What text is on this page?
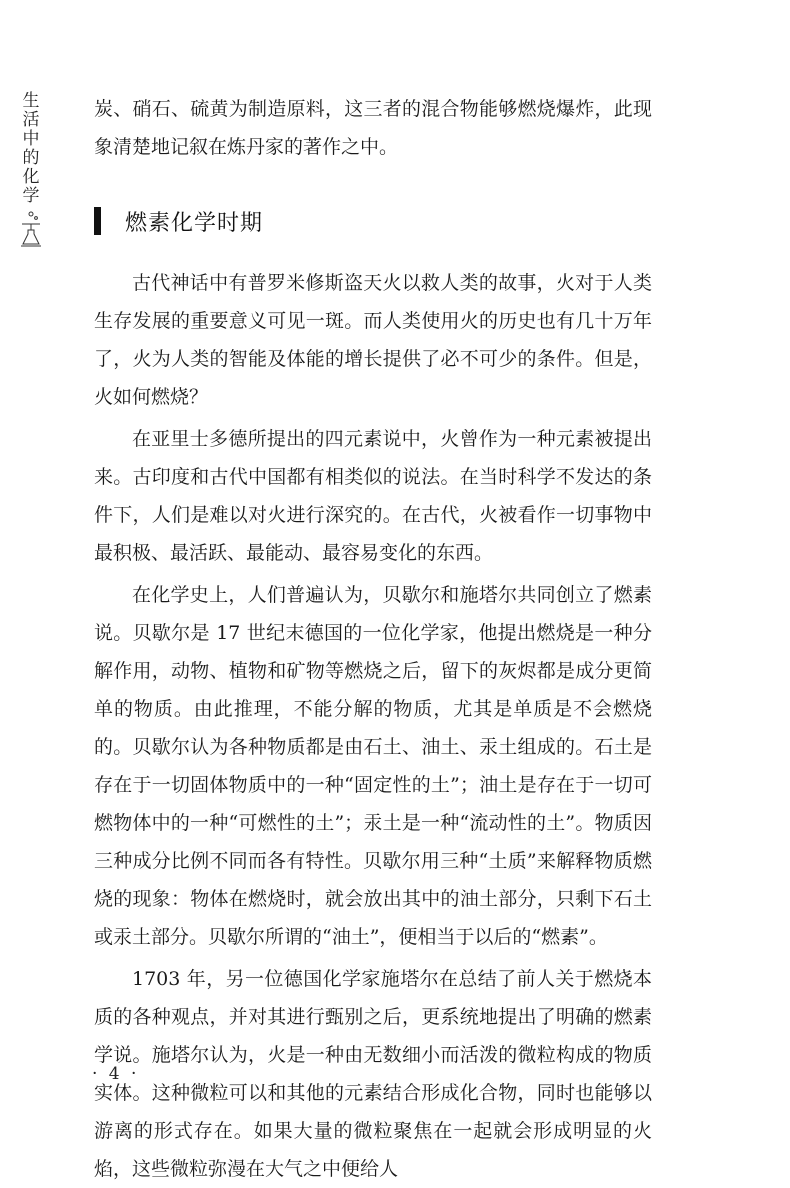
生
活
中
的
化
学

炭、硝石、硫黄为制造原料，这三者的混合物能够燃烧爆炸，此现象清楚地记叙在炼丹家的著作之中。

古代神话中有普罗米修斯盗天火以救人类的故事，火对于人类生存发展的重要意义可见一斑。而人类使用火的历史也有几十万年了，火为人类的智能及体能的增长提供了必不可少的条件。但是，火如何燃烧？

在亚里士多德所提出的四元素说中，火曾作为一种元素被提出来。古印度和古代中国都有相类似的说法。在当时科学不发达的条件下，人们是难以对火进行深究的。在古代，火被看作一切事物中最积极、最活跃、最能动、最容易变化的东西。

在化学史上，人们普遍认为，贝歇尔和施塔尔共同创立了燃素说。贝歇尔是 17 世纪末德国的一位化学家，他提出燃烧是一种分解作用，动物、植物和矿物等燃烧之后，留下的灰烬都是成分更简单的物质。由此推理，不能分解的物质，尤其是单质是不会燃烧的。贝歇尔认为各种物质都是由石土、油土、汞土组成的。石土是存在于一切固体物质中的一种“固定性的土”；油土是存在于一切可燃物体中的一种“可燃性的土”；汞土是一种“流动性的土”。物质因三种成分比例不同而各有特性。贝歇尔用三种“土质”来解释物质燃烧的现象：物体在燃烧时，就会放出其中的油土部分，只剩下石土或汞土部分。贝歇尔所谓的“油土”，便相当于以后的“燃素”。

1703 年，另一位德国化学家施塔尔在总结了前人关于燃烧本质的各种观点，并对其进行甄别之后，更系统地提出了明确的燃素学说。施塔尔认为，火是一种由无数细小而活泼的微粒构成的物质实体。这种微粒可以和其他的元素结合形成化合物，同时也能够以游离的形式存在。如果大量的微粒聚焦在一起就会形成明显的火焰，这些微粒弥漫在大气之中便给人

燃素化学时期
· 4 ·
